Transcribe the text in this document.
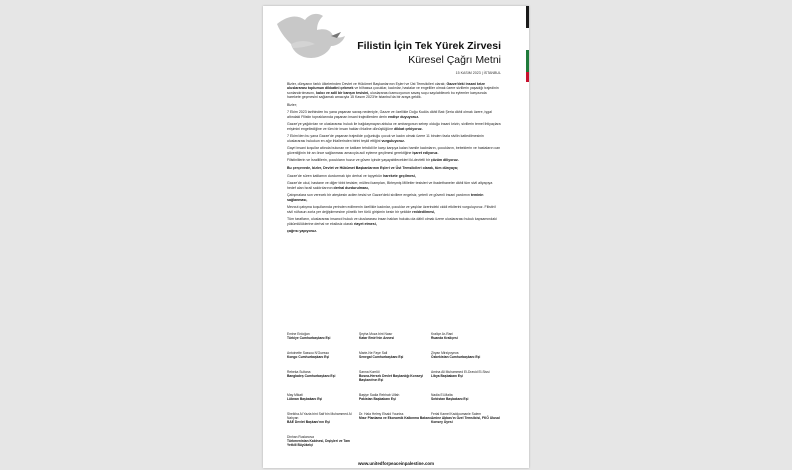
Filistin İçin Tek Yürek Zirvesi
Küresel Çağrı Metni
15 KASIM 2023 | İSTANBUL

Bizler, dünyanın farklı ülkelerinden Devlet ve Hükümet Başkanlarının Eşleri ve Üst Temsilcileri olarak; Gazze'deki insani krize uluslararası toplumun dikkatini çekmek ve bilhassa çocuklar, kadınlar, hastalar ve engelliler olmak üzere sivillerin yaşadığı trajedinin sonlandırılmasını, kalıcı ve adil bir barışın tesisini, uluslararası kamuoyunun savaş suçu sayılabilecek bu eylemler karşısında harekete geçmesini sağlamak amacıyla 15 Kasım 2023'te İstanbul'da bir araya geldik.

Bizler;

7 Ekim 2023 tarihinden bu yana yaşanan savaş nedeniyle, Gazze ve özellikle Doğu Kudüs dâhil Batı Şeria dâhil olmak üzere, işgal altındaki Filistin topraklarında yaşanan insani trajedilerden derin endişe duyuyoruz.

Gazze'ye yağdırılan ve uluslararası hukuk ile bağdaşmayan abluka ve ambargonun sebep olduğu insani krizin, sivillerin temel ihtiyaçlara erişimini engellediğine ve tüm bir insan hakları ihlaline dönüştüğüne dikkat çekiyoruz.

7 Ekim'den bu yana Gazze'de yaşanan trajedide çoğunluğu çocuk ve kadın olmak üzere 11 binden fazla sivilin katledilmesinin uluslararası hukukun en ağır ihlallerinden birini teşkil ettiğini vurguluyoruz.

Gayri insani koşullar altında bulunan ve katliam tehdidi ile karşı karşıya kalan hamile kadınların, çocukların, bebeklerin ve hastaların can güvenliğinin bir an önce sağlanması amacıyla acil eyleme geçilmesi gerektiğine işaret ediyoruz.

Filistinlilerin ve İsraillilerin, çocukların huzur ve güven içinde yaşayabilecekleri iki-devletli bir çözüm diliyoruz.

Bu çerçevede, bizler, Devlet ve Hükümet Başkanlarının Eşleri ve Üst Temsilcileri olarak, tüm dünyaya;

Gazze'de süren katliamın durdurmak için derhal ve topyekün harekete geçilmesi,

Gazze'de okul, hastane ve diğer tıbbi tesisler, mülteci kampları, Birleşmiş Milletler tesisleri ve ibadethaneler dâhil tüm sivil altyapıya hedef alan İsrail saldırılarının derhal durdurulması,

Çatışmalara son verecek bir ateşkesin acilen tesisi ve Gazze'deki sivillere engelsiz, yeterli ve güvenli insani yardımın teminin sağlanması,

Mevcut çatışma koşullarında yerinden edilmenin özellikle kadınlar, çocuklar ve yaşlılar üzerindeki ciddi etkilerini vurguluyoruz. Filistin'i sivil nüfusun zorla yer değiştirmesine yönelik her türlü girişimin kesin bir şekilde reddedilmesi,

Tüm tarafların, uluslararası insancıl hukuk ve uluslararası insan hakları hukuku da dâhil olmak üzere uluslararası hukuk kapsamındaki yükümlülüklerine derhal ve eksiksiz olarak riayet etmesi,

çağrısı yapıyoruz.

Emine Erdoğan
Türkiye Cumhurbaşkanı Eşi
Şeyha Moza bint Nasır
Katar Emiri'nin Annesi
Kraliçe Ar-Rani
Ruanda Kraliçesi
Antoinette Sassou N'Guesso
Kongo Cumhurbaşkanı Eşi
Marie-Ne Faye Sall
Senegal Cumhurbaşkanı Eşi
Ziryan Mirziyoyeva
Özbekistan Cumhurbaşkanı Eşi
Rebeka Sultana
Bangladeş Cumhurbaşkanı Eşi
Sanna Komlöi
Bosna-Hersek Devlet Başkanlığı Konseyi Başkanı'nın Eşi
Amina Ali Muhammed El-Dravid El-Sissi
Libya Başbakanı Eşi
May Mikati
Lübnan Başbakanı Eşi
Başiye Sadia Rebhab Ulfah
Pakistan Başbakanı Eşi
Nadia El-Maita
Sırbistan Başbakanı Eşi
Sheikha Al Yazia bint Saif bin Muhammed Al Nahyan
BAE Devlet Başkanı'nın Eşi
Dr. Hala Helmy Elsaid Youniss
Mısır Planlama ve Ekonomik Kalkınma Bakanı
Ferial Kamel Kaddoumanie Salem
Amine Abbas'ın Özel Temsilcisi, FKÖ Ulusal Konsey Üyesi
Dinhan Ruslanova
Türkmenistan Kabinesi, Dışişleri ve Tam Yetkili Büyükelçi
www.unitedforpeaceinpalestine.com
